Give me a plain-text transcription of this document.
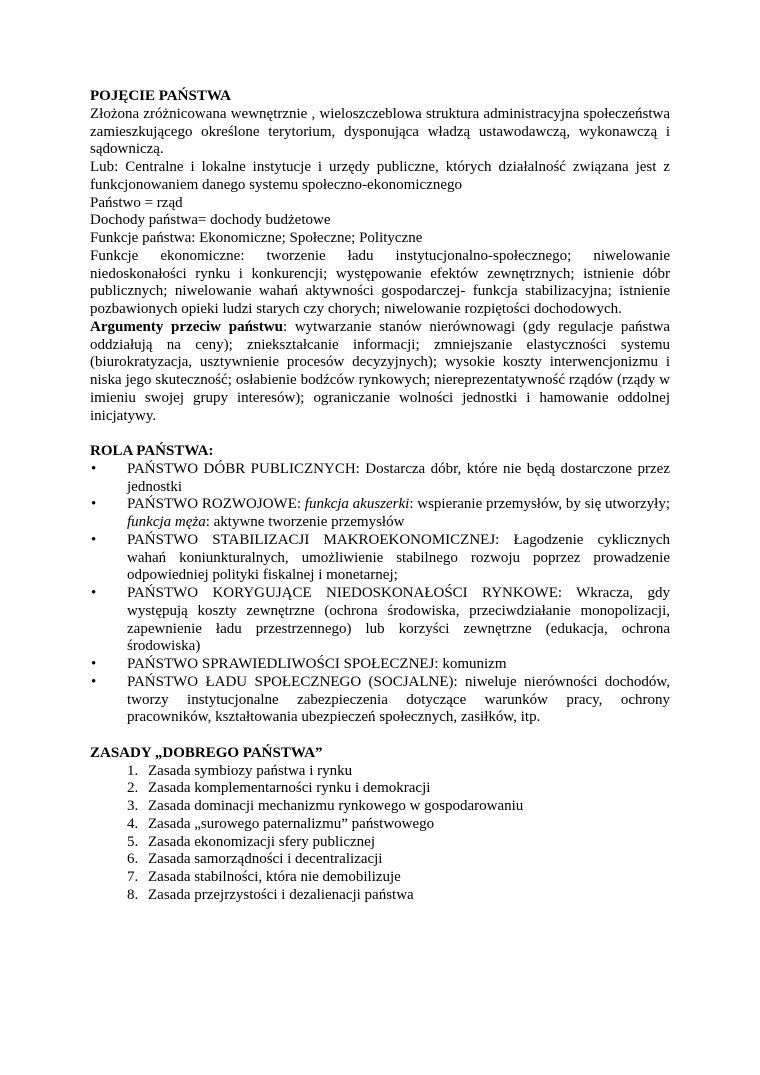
POJĘCIE PAŃSTWA

Złożona zróżnicowana wewnętrznie , wieloszczeblowa struktura administracyjna społeczeństwa zamieszkującego określone terytorium, dysponująca władzą ustawodawczą, wykonawczą i sądowniczą.

Lub: Centralne i lokalne instytucje i urzędy publiczne, których działalność związana jest z funkcjonowaniem danego systemu społeczno-ekonomicznego

Państwo = rząd

Dochody państwa= dochody budżetowe

Funkcje państwa: Ekonomiczne; Społeczne; Polityczne

Funkcje ekonomiczne: tworzenie ładu instytucjonalno-społecznego; niwelowanie niedoskonałości rynku i konkurencji; występowanie efektów zewnętrznych; istnienie dóbr publicznych; niwelowanie wahań aktywności gospodarczej- funkcja stabilizacyjna; istnienie pozbawionych opieki ludzi starych czy chorych; niwelowanie rozpiętości dochodowych.

Argumenty przeciw państwu: wytwarzanie stanów nierównowagi (gdy regulacje państwa oddziałują na ceny); zniekształcanie informacji; zmniejszanie elastyczności systemu (biurokratyzacja, usztywnienie procesów decyzyjnych); wysokie koszty interwencjonizmu i niska jego skuteczność; osłabienie bodźców rynkowych; niereprezentatywność rządów (rządy w imieniu swojej grupy interesów); ograniczanie wolności jednostki i hamowanie oddolnej inicjatywy.

ROLA PAŃSTWA:

• PAŃSTWO DÓBR PUBLICZNYCH: Dostarcza dóbr, które nie będą dostarczone przez jednostki
• PAŃSTWO ROZWOJOWE: funkcja akuszerki: wspieranie przemysłów, by się utworzyły; funkcja męża: aktywne tworzenie przemysłów
• PAŃSTWO STABILIZACJI MAKROEKONOMICZNEJ: Łagodzenie cyklicznych wahań koniunkturalnych, umożliwienie stabilnego rozwoju poprzez prowadzenie odpowiedniej polityki fiskalnej i monetarnej;
• PAŃSTWO KORYGUJĄCE NIEDOSKONAŁOŚCI RYNKOWE: Wkracza, gdy występują koszty zewnętrzne (ochrona środowiska, przeciwdziałanie monopolizacji, zapewnienie ładu przestrzennego) lub korzyści zewnętrzne (edukacja, ochrona środowiska)
• PAŃSTWO SPRAWIEDLIWOŚCI SPOŁECZNEJ: komunizm
• PAŃSTWO ŁADU SPOŁECZNEGO (SOCJALNE): niweluje nierówności dochodów, tworzy instytucjonalne zabezpieczenia dotyczące warunków pracy, ochrony pracowników, kształtowania ubezpieczeń społecznych, zasiłków, itp.

ZASADY „DOBREGO PAŃSTWA”

1. Zasada symbiozy państwa i rynku
2. Zasada komplementarności rynku i demokracji
3. Zasada dominacji mechanizmu rynkowego w gospodarowaniu
4. Zasada „surowego paternalizmu” państwowego
5. Zasada ekonomizacji sfery publicznej
6. Zasada samorządności i decentralizacji
7. Zasada stabilności, która nie demobilizuje
8. Zasada przejrzystości i dezalienacji państwa
